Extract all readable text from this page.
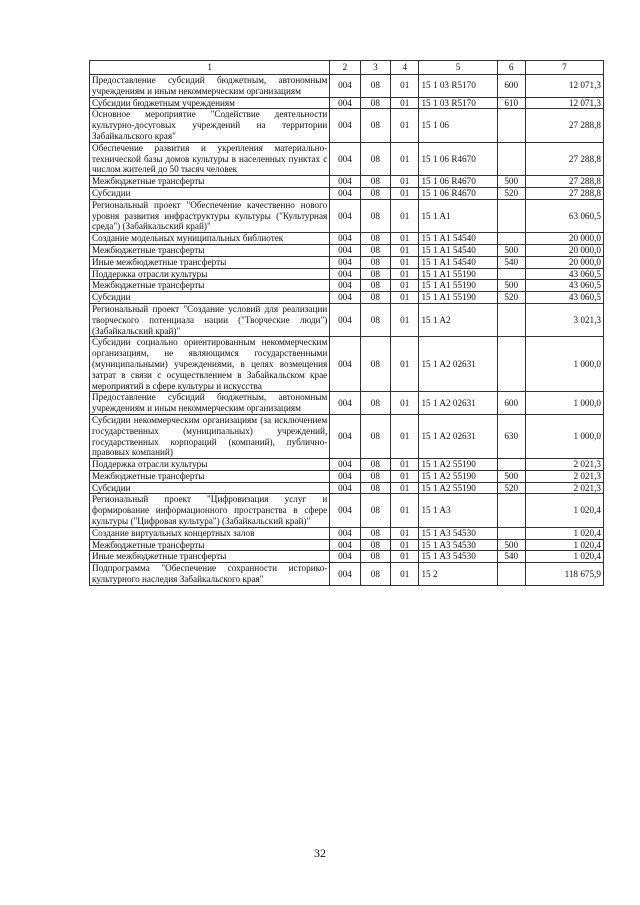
1	2	3	4	5	6	7
Предоставление субсидий бюджетным, автономным учреждениям и иным некоммерческим организациям	004	08	01	15 1 03 R5170	600	12 071,3
Субсидии бюджетным учреждениям	004	08	01	15 1 03 R5170	610	12 071,3
Основное мероприятие "Содействие деятельности культурно-досуговых учреждений на территории Забайкальского края"	004	08	01	15 1 06		27 288,8
Обеспечение развития и укрепления материально-технической базы домов культуры в населенных пунктах с числом жителей до 50 тысяч человек	004	08	01	15 1 06 R4670		27 288,8
Межбюджетные трансферты	004	08	01	15 1 06 R4670	500	27 288,8
Субсидии	004	08	01	15 1 06 R4670	520	27 288,8
Региональный проект "Обеспечение качественно нового уровня развития инфраструктуры культуры ("Культурная среда") (Забайкальский край)"	004	08	01	15 1 A1		63 060,5
Создание модельных муниципальных библиотек	004	08	01	15 1 A1 54540		20 000,0
Межбюджетные трансферты	004	08	01	15 1 A1 54540	500	20 000,0
Иные межбюджетные трансферты	004	08	01	15 1 A1 54540	540	20 000,0
Поддержка отрасли культуры	004	08	01	15 1 A1 55190		43 060,5
Межбюджетные трансферты	004	08	01	15 1 A1 55190	500	43 060,5
Субсидии	004	08	01	15 1 A1 55190	520	43 060,5
Региональный проект "Создание условий для реализации творческого потенциала нации ("Творческие люди") (Забайкальский край)"	004	08	01	15 1 A2		3 021,3
Субсидии социально ориентированным некоммерческим организациям, не являющимся государственными (муниципальными) учреждениями, в целях возмещения затрат в связи с осуществлением в Забайкальском крае мероприятий в сфере культуры и искусства	004	08	01	15 1 A2 02631		1 000,0
Предоставление субсидий бюджетным, автономным учреждениям и иным некоммерческим организациям	004	08	01	15 1 A2 02631	600	1 000,0
Субсидии некоммерческим организациям (за исключением государственных (муниципальных) учреждений, государственных корпораций (компаний), публично-правовых компаний)	004	08	01	15 1 A2 02631	630	1 000,0
Поддержка отрасли культуры	004	08	01	15 1 A2 55190		2 021,3
Межбюджетные трансферты	004	08	01	15 1 A2 55190	500	2 021,3
Субсидии	004	08	01	15 1 A2 55190	520	2 021,3
Региональный проект "Цифровизация услуг и формирование информационного пространства в сфере культуры ("Цифровая культура") (Забайкальский край)"	004	08	01	15 1 A3		1 020,4
Создание виртуальных концертных залов	004	08	01	15 1 A3 54530		1 020,4
Межбюджетные трансферты	004	08	01	15 1 A3 54530	500	1 020,4
Иные межбюджетные трансферты	004	08	01	15 1 A3 54530	540	1 020,4
Подпрограмма "Обеспечение сохранности историко-культурного наследия Забайкальского края"	004	08	01	15 2		118 675,9
32
